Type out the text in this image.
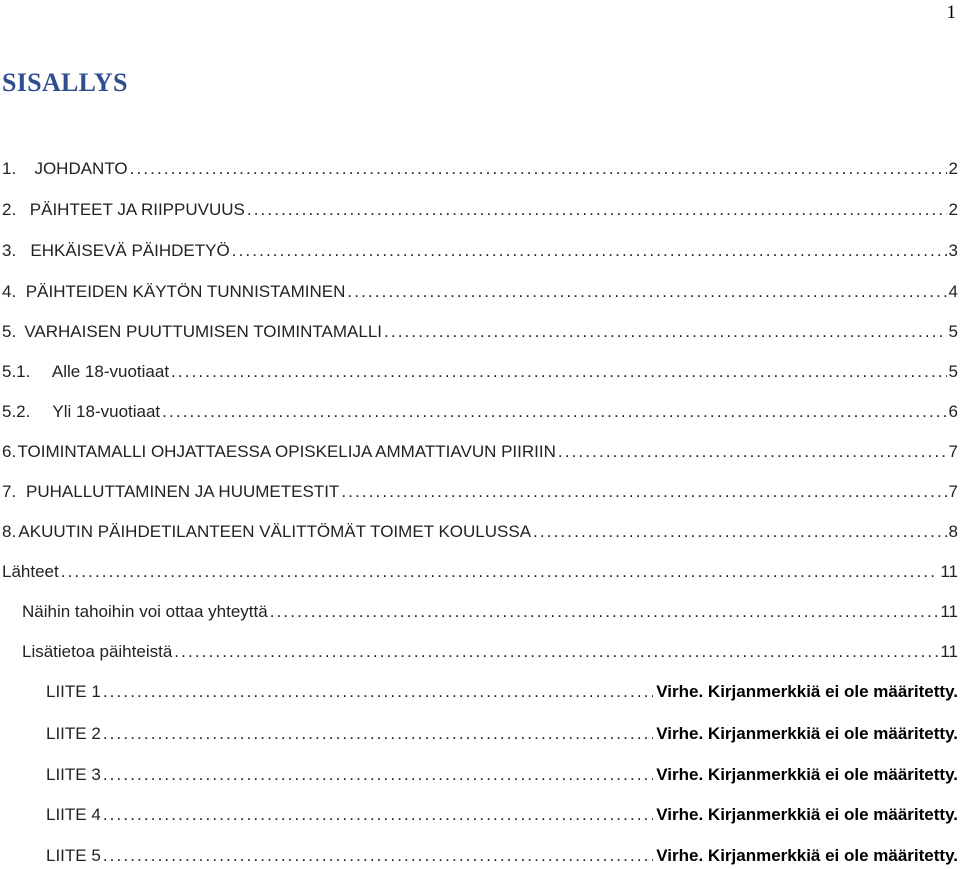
1
SISALLYS
1.	JOHDANTO . . .	2
2. PÄIHTEET JA RIIPPUVUUS . . .	2
3. EHKÄISEVÄ PÄIHDETYÖ . . .	3
4. PÄIHTEIDEN KÄYTÖN TUNNISTAMINEN . . .	4
5. VARHAISEN PUUTTUMISEN TOIMINTAMALLI . . .	5
5.1.	Alle 18-vuotiaat . . .	5
5.2.	Yli 18-vuotiaat . . .	6
6. TOIMINTAMALLI OHJATTAESSA OPISKELIJA AMMATTIAVUN PIIRIIN . . .	7
7. PUHALLUTTAMINEN JA HUUMETESTIT . . .	7
8. AKUUTIN PÄIHDETILANTEEN VÄLITTÖMÄT TOIMET KOULUSSA . . .	8
Lähteet . . .	11
Näihin tahoihin voi ottaa yhteyttä . . .	11
Lisätietoa päihteistä . . .	11
LIITE 1 . . .	Virhe. Kirjanmerkkiä ei ole määritetty.
LIITE 2 . . .	Virhe. Kirjanmerkkiä ei ole määritetty.
LIITE 3 . . .	Virhe. Kirjanmerkkiä ei ole määritetty.
LIITE 4 . . .	Virhe. Kirjanmerkkiä ei ole määritetty.
LIITE 5 . . .	Virhe. Kirjanmerkkiä ei ole määritetty.
